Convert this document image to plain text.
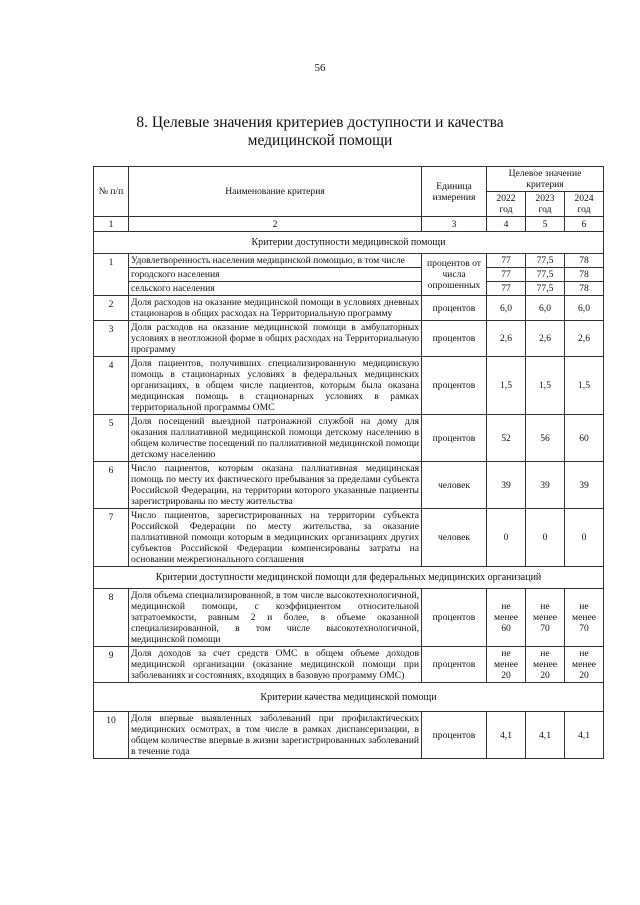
56
8. Целевые значения критериев доступности и качества
медицинской помощи
№ п/п	Наименование критерия	Единица измерения	Целевое значение критерия		
			2022 год	2023 год	2024 год
1	2	3	4	5	6
Критерии доступности медицинской помощи					
1	Удовлетворенность населения медицинской помощью, в том числе	процентов от числа опрошенных	77	77,5	78
	городского населения		77	77,5	78
	сельского населения		77	77,5	78
2	Доля расходов на оказание медицинской помощи в условиях дневных стационаров в общих расходах на Территориальную программу	процентов	6,0	6,0	6,0
3	Доля расходов на оказание медицинской помощи в амбулаторных условиях в неотложной форме в общих расходах на Территориальную программу	процентов	2,6	2,6	2,6
4	Доля пациентов, получивших специализированную медицинскую помощь в стационарных условиях в федеральных медицинских организациях, в общем числе пациентов, которым была оказана медицинская помощь в стационарных условиях в рамках территориальной программы ОМС	процентов	1,5	1,5	1,5
5	Доля посещений выездной патронажной службой на дому для оказания паллиативной медицинской помощи детскому населению в общем количестве посещений по паллиативной медицинской помощи детскому населению	процентов	52	56	60
6	Число пациентов, которым оказана паллиативная медицинская помощь по месту их фактического пребывания за пределами субъекта Российской Федерации, на территории которого указанные пациенты зарегистрированы по месту жительства	человек	39	39	39
7	Число пациентов, зарегистрированных на территории субъекта Российской Федерации по месту жительства, за оказание паллиативной помощи которым в медицинских организациях других субъектов Российской Федерации компенсированы затраты на основании межрегионального соглашения	человек	0	0	0
Критерии доступности медицинской помощи для федеральных медицинских организаций					
8	Доля объема специализированной, в том числе высокотехнологичной, медицинской помощи, с коэффициентом относительной затратоемкости, равным 2 и более, в объеме оказанной специализированной, в том числе высокотехнологичной, медицинской помощи	процентов	не менее 60	не менее 70	не менее 70
9	Доля доходов за счет средств ОМС в общем объеме доходов медицинской организации (оказание медицинской помощи при заболеваниях и состояниях, входящих в базовую программу ОМС)	процентов	не менее 20	не менее 20	не менее 20
Критерии качества медицинской помощи					
10	Доля впервые выявленных заболеваний при профилактических медицинских осмотрах, в том числе в рамках диспансеризации, в общем количестве впервые в жизни зарегистрированных заболеваний в течение года	процентов	4,1	4,1	4,1
